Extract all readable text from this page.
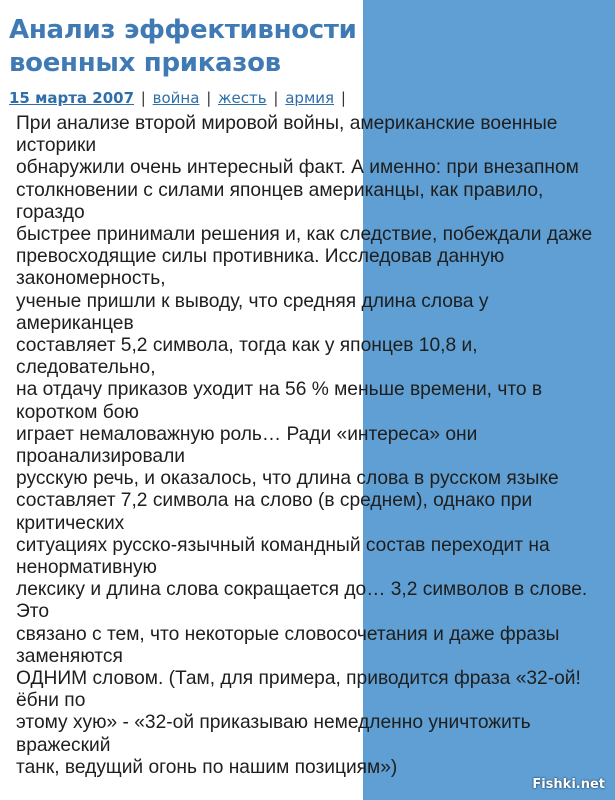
Анализ эффективности военных приказов
15 марта 2007 | война | жесть | армия |
При анализе второй мировой войны, американские военные
историки
обнаружили очень интересный факт. А именно: при внезапном
столкновении с силами японцев американцы, как правило,
гораздо
быстрее принимали решения и, как следствие, побеждали даже
превосходящие силы противника. Исследовав данную
закономерность,
ученые пришли к выводу, что средняя длина слова у
американцев
составляет 5,2 символа, тогда как у японцев 10,8 и,
следовательно,
на отдачу приказов уходит на 56 % меньше времени, что в
коротком бою
играет немаловажную роль… Ради «интереса» они
проанализировали
русскую речь, и оказалось, что длина слова в русском языке
составляет 7,2 символа на слово (в среднем), однако при
критических
ситуациях русско-язычный командный состав переходит на
ненормативную
лексику и длина слова сокращается до… 3,2 символов в слове.
Это
связано с тем, что некоторые словосочетания и даже фразы
заменяются
ОДНИМ словом. (Там, для примера, приводится фраза «32-ой!
ёбни по
этому хую» - «32-ой приказываю немедленно уничтожить
вражеский
танк, ведущий огонь по нашим позициям»)
Fishki.net
